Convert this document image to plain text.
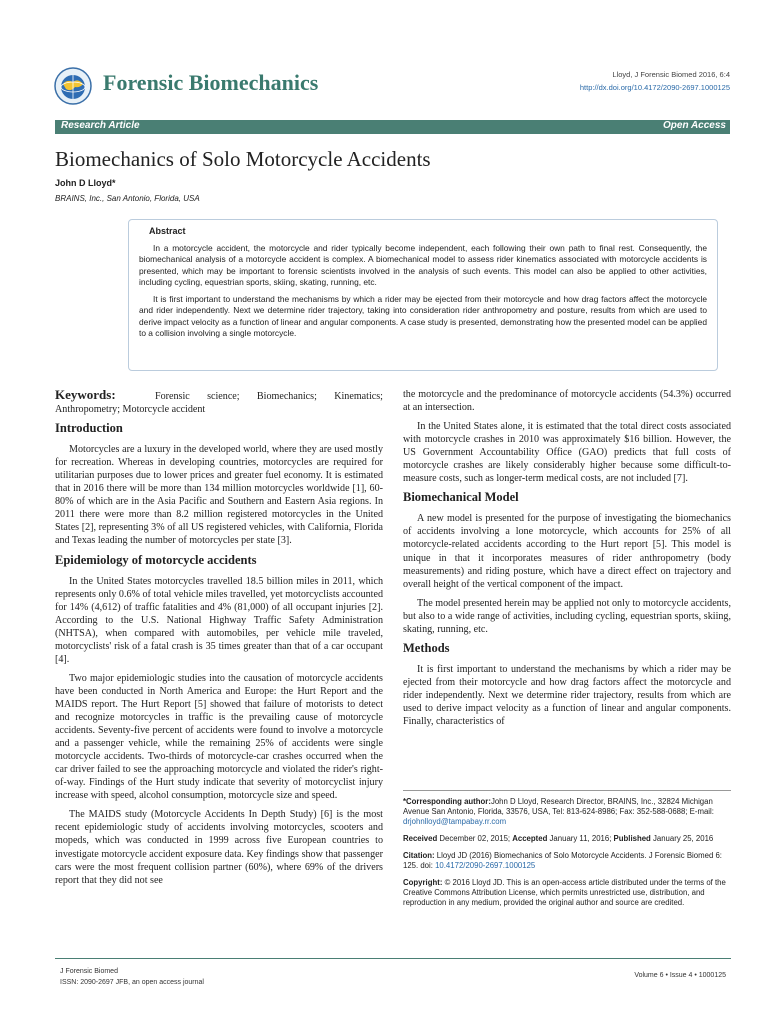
Forensic Biomechanics	Lloyd, J Forensic Biomed 2016, 6:4
http://dx.doi.org/10.4172/2090-2697.1000125
Research Article	Open Access
Biomechanics of Solo Motorcycle Accidents
John D Lloyd*
BRAINS, Inc., San Antonio, Florida, USA
Abstract

In a motorcycle accident, the motorcycle and rider typically become independent, each following their own path to final rest. Consequently, the biomechanical analysis of a motorcycle accident is complex. A biomechanical model to assess rider kinematics associated with motorcycle accidents is presented, which may be important to forensic scientists involved in the analysis of such events. This model can also be applied to other activities, including cycling, equestrian sports, skiing, skating, running, etc.

It is first important to understand the mechanisms by which a rider may be ejected from their motorcycle and how drag factors affect the motorcycle and rider independently. Next we determine rider trajectory, taking into consideration rider anthropometry and posture, results from which are used to derive impact velocity as a function of linear and angular components. A case study is presented, demonstrating how the presented model can be applied to a collision involving a single motorcycle.

Keywords:	Forensic science; Biomechanics; Kinematics; Anthropometry; Motorcycle accident

Introduction

Motorcycles are a luxury in the developed world, where they are used mostly for recreation. Whereas in developing countries, motorcycles are required for utilitarian purposes due to lower prices and greater fuel economy. It is estimated that in 2016 there will be more than 134 million motorcycles worldwide [1], 60-80% of which are in the Asia Pacific and Southern and Eastern Asia regions. In 2011 there were more than 8.2 million registered motorcycles in the United States [2], representing 3% of all US registered vehicles, with California, Florida and Texas leading the number of motorcycles per state [3].

Epidemiology of motorcycle accidents

In the United States motorcycles travelled 18.5 billion miles in 2011, which represents only 0.6% of total vehicle miles travelled, yet motorcyclists accounted for 14% (4,612) of traffic fatalities and 4% (81,000) of all occupant injuries [2]. According to the U.S. National Highway Traffic Safety Administration (NHTSA), when compared with automobiles, per vehicle mile traveled, motorcyclists' risk of a fatal crash is 35 times greater than that of a car occupant [4].

Two major epidemiologic studies into the causation of motorcycle accidents have been conducted in North America and Europe: the Hurt Report and the MAIDS report. The Hurt Report [5] showed that failure of motorists to detect and recognize motorcycles in traffic is the prevailing cause of motorcycle accidents. Seventy-five percent of accidents were found to involve a motorcycle and a passenger vehicle, while the remaining 25% of accidents were single motorcycle accidents. Two-thirds of motorcycle-car crashes occurred when the car driver failed to see the approaching motorcycle and violated the rider's right-of-way. Findings of the Hurt study indicate that severity of motorcyclist injury increase with speed, alcohol consumption, motorcycle size and speed.

The MAIDS study (Motorcycle Accidents In Depth Study) [6] is the most recent epidemiologic study of accidents involving motorcycles, scooters and mopeds, which was conducted in 1999 across five European countries to investigate motorcycle accident exposure data. Key findings show that passenger cars were the most frequent collision partner (60%), where 69% of the drivers report that they did not see

the motorcycle and the predominance of motorcycle accidents (54.3%) occurred at an intersection.

In the United States alone, it is estimated that the total direct costs associated with motorcycle crashes in 2010 was approximately $16 billion. However, the US Government Accountability Office (GAO) predicts that full costs of motorcycle crashes are likely considerably higher because some difficult-to-measure costs, such as longer-term medical costs, are not included [7].

Biomechanical Model

A new model is presented for the purpose of investigating the biomechanics of accidents involving a lone motorcycle, which accounts for 25% of all motorcycle-related accidents according to the Hurt report [5]. This model is unique in that it incorporates measures of rider anthropometry (body measurements) and riding posture, which have a direct effect on trajectory and overall height of the vertical component of the impact.

The model presented herein may be applied not only to motorcycle accidents, but also to a wide range of activities, including cycling, equestrian sports, skiing, skating, running, etc.

Methods

It is first important to understand the mechanisms by which a rider may be ejected from their motorcycle and how drag factors affect the motorcycle and rider independently. Next we determine rider trajectory, results from which are used to derive impact velocity as a function of linear and angular components. Finally, characteristics of

*Corresponding author:John D Lloyd, Research Director, BRAINS, Inc., 32824 Michigan Avenue San Antonio, Florida, 33576, USA, Tel: 813-624-8986; Fax: 352-588-0688; E-mail: drjohnlloyd@tampabay.rr.com

Received December 02, 2015; Accepted January 11, 2016; Published January 25, 2016

Citation: Lloyd JD (2016) Biomechanics of Solo Motorcycle Accidents. J Forensic Biomed 6: 125. doi: 10.4172/2090-2697.1000125

Copyright: © 2016 Lloyd JD. This is an open-access article distributed under the terms of the Creative Commons Attribution License, which permits unrestricted use, distribution, and reproduction in any medium, provided the original author and source are credited.

J Forensic Biomed
ISSN: 2090-2697 JFB, an open access journal
Volume 6 • Issue 4 • 1000125
